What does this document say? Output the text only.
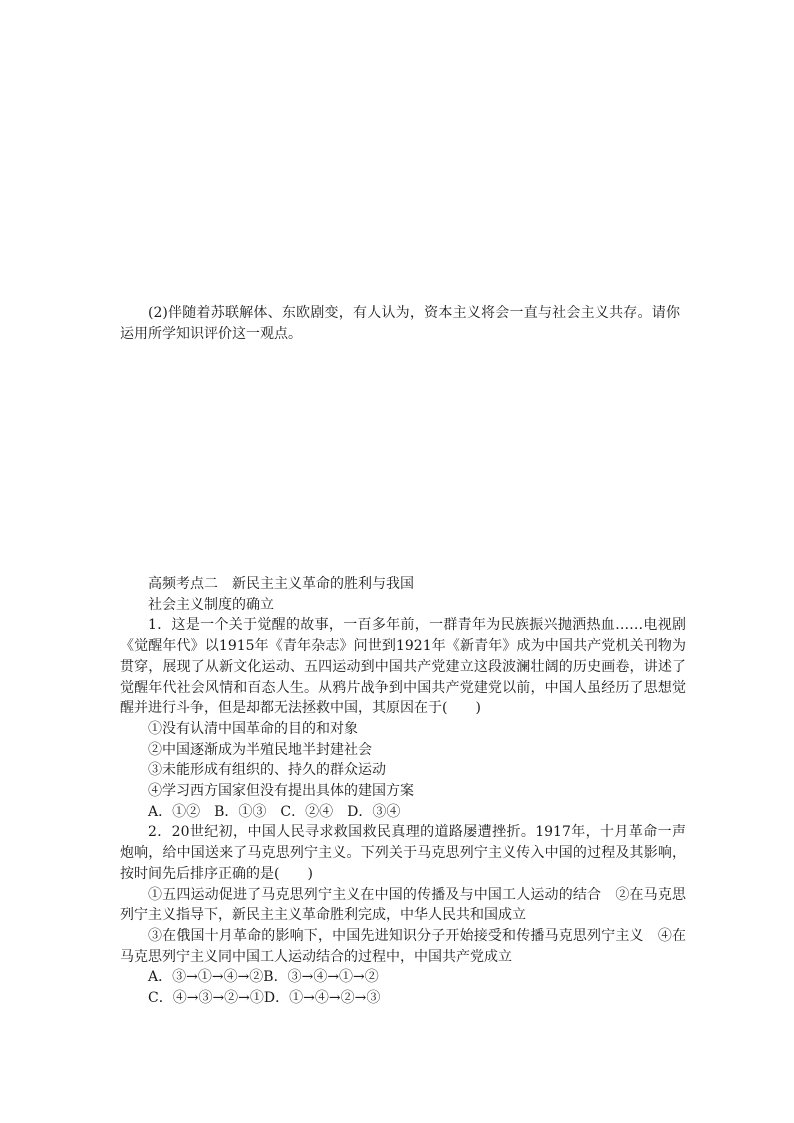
(2)伴随着苏联解体、东欧剧变，有人认为，资本主义将会一直与社会主义共存。请你运用所学知识评价这一观点。

高频考点二　新民主主义革命的胜利与我国

社会主义制度的确立

1．这是一个关于觉醒的故事，一百多年前，一群青年为民族振兴抛洒热血……电视剧《觉醒年代》以1915年《青年杂志》问世到1921年《新青年》成为中国共产党机关刊物为贯穿，展现了从新文化运动、五四运动到中国共产党建立这段波澜壮阔的历史画卷，讲述了觉醒年代社会风情和百态人生。从鸦片战争到中国共产党建党以前，中国人虽经历了思想觉醒并进行斗争，但是却都无法拯救中国，其原因在于(　　)

①没有认清中国革命的目的和对象

②中国逐渐成为半殖民地半封建社会

③未能形成有组织的、持久的群众运动

④学习西方国家但没有提出具体的建国方案

A．①②　B．①③　C．②④　D．③④

2．20世纪初，中国人民寻求救国救民真理的道路屡遭挫折。1917年，十月革命一声炮响，给中国送来了马克思列宁主义。下列关于马克思列宁主义传入中国的过程及其影响，按时间先后排序正确的是(　　)

①五四运动促进了马克思列宁主义在中国的传播及与中国工人运动的结合　②在马克思列宁主义指导下，新民主主义革命胜利完成，中华人民共和国成立

③在俄国十月革命的影响下，中国先进知识分子开始接受和传播马克思列宁主义　④在马克思列宁主义同中国工人运动结合的过程中，中国共产党成立

A．③→①→④→②B．③→④→①→②

C．④→③→②→①D．①→④→②→③
